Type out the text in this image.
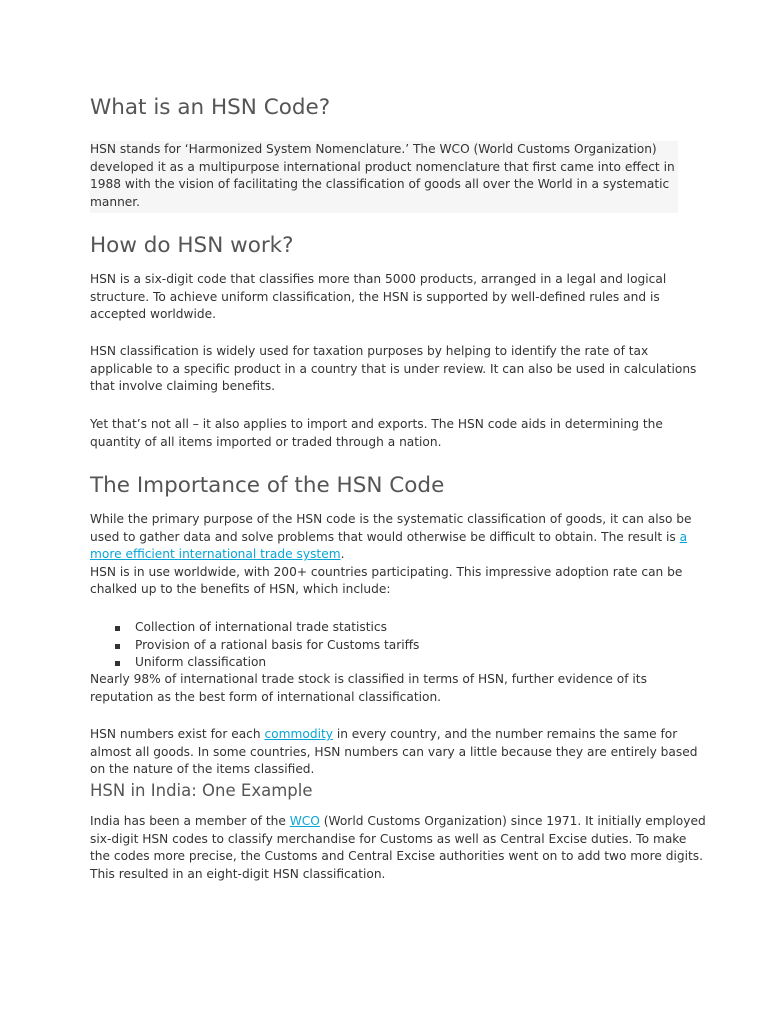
What is an HSN Code?

HSN stands for ‘Harmonized System Nomenclature.’ The WCO (World Customs Organization)
developed it as a multipurpose international product nomenclature that first came into effect in
1988 with the vision of facilitating the classification of goods all over the World in a systematic
manner.

How do HSN work?

HSN is a six-digit code that classifies more than 5000 products, arranged in a legal and logical
structure. To achieve uniform classification, the HSN is supported by well-defined rules and is
accepted worldwide.

HSN classification is widely used for taxation purposes by helping to identify the rate of tax
applicable to a specific product in a country that is under review. It can also be used in calculations
that involve claiming benefits.

Yet that’s not all – it also applies to import and exports. The HSN code aids in determining the
quantity of all items imported or traded through a nation.

The Importance of the HSN Code

While the primary purpose of the HSN code is the systematic classification of goods, it can also be
used to gather data and solve problems that would otherwise be difficult to obtain. The result is a
more efficient international trade system.
HSN is in use worldwide, with 200+ countries participating. This impressive adoption rate can be
chalked up to the benefits of HSN, which include:

Collection of international trade statistics
Provision of a rational basis for Customs tariffs
Uniform classification

Nearly 98% of international trade stock is classified in terms of HSN, further evidence of its
reputation as the best form of international classification.

HSN numbers exist for each commodity in every country, and the number remains the same for
almost all goods. In some countries, HSN numbers can vary a little because they are entirely based
on the nature of the items classified.

HSN in India: One Example

India has been a member of the WCO (World Customs Organization) since 1971. It initially employed
six-digit HSN codes to classify merchandise for Customs as well as Central Excise duties. To make
the codes more precise, the Customs and Central Excise authorities went on to add two more digits.
This resulted in an eight-digit HSN classification.
